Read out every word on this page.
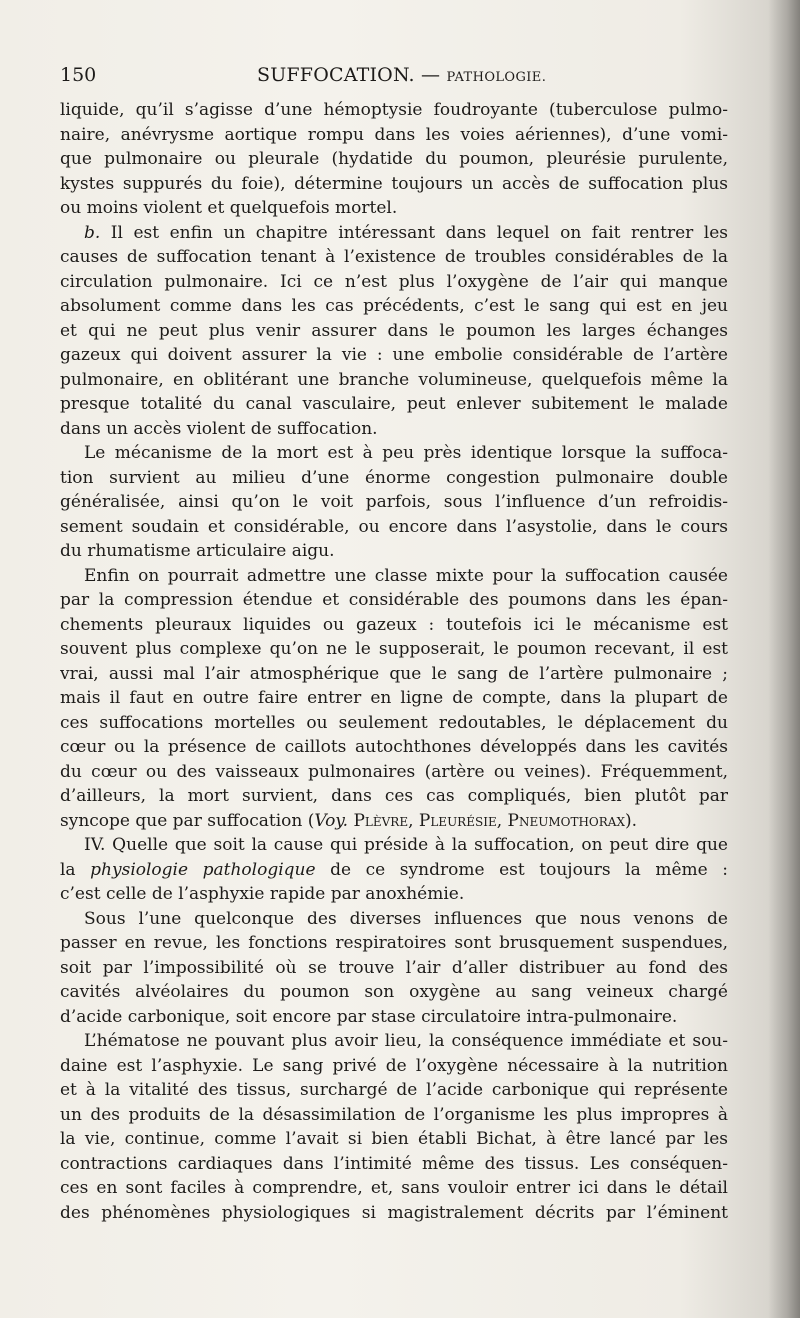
150	SUFFOCATION. — PATHOLOGIE.
liquide, qu’il s’agisse d’une hémoptysie foudroyante (tuberculose pulmo-
naire, anévrysme aortique rompu dans les voies aériennes), d’une vomi-
que pulmonaire ou pleurale (hydatide du poumon, pleurésie purulente,
kystes suppurés du foie), détermine toujours un accès de suffocation plus
ou moins violent et quelquefois mortel.
b. Il est enfin un chapitre intéressant dans lequel on fait rentrer les
causes de suffocation tenant à l’existence de troubles considérables de la
circulation pulmonaire. Ici ce n’est plus l’oxygène de l’air qui manque
absolument comme dans les cas précédents, c’est le sang qui est en jeu
et qui ne peut plus venir assurer dans le poumon les larges échanges
gazeux qui doivent assurer la vie : une embolie considérable de l’artère
pulmonaire, en oblitérant une branche volumineuse, quelquefois même la
presque totalité du canal vasculaire, peut enlever subitement le malade
dans un accès violent de suffocation.
Le mécanisme de la mort est à peu près identique lorsque la suffoca-
tion survient au milieu d’une énorme congestion pulmonaire double
généralisée, ainsi qu’on le voit parfois, sous l’influence d’un refroidis-
sement soudain et considérable, ou encore dans l’asystolie, dans le cours
du rhumatisme articulaire aigu.
Enfin on pourrait admettre une classe mixte pour la suffocation causée
par la compression étendue et considérable des poumons dans les épan-
chements pleuraux liquides ou gazeux : toutefois ici le mécanisme est
souvent plus complexe qu’on ne le supposerait, le poumon recevant, il est
vrai, aussi mal l’air atmosphérique que le sang de l’artère pulmonaire ;
mais il faut en outre faire entrer en ligne de compte, dans la plupart de
ces suffocations mortelles ou seulement redoutables, le déplacement du
cœur ou la présence de caillots autochthones développés dans les cavités
du cœur ou des vaisseaux pulmonaires (artère ou veines). Fréquemment,
d’ailleurs, la mort survient, dans ces cas compliqués, bien plutôt par
syncope que par suffocation (Voy. Plèvre, Pleurésie, Pneumothorax).
IV. Quelle que soit la cause qui préside à la suffocation, on peut dire que
la physiologie pathologique de ce syndrome est toujours la même :
c’est celle de l’asphyxie rapide par anoxhémie.
Sous l’une quelconque des diverses influences que nous venons de
passer en revue, les fonctions respiratoires sont brusquement suspendues,
soit par l’impossibilité où se trouve l’air d’aller distribuer au fond des
cavités alvéolaires du poumon son oxygène au sang veineux chargé
d’acide carbonique, soit encore par stase circulatoire intra-pulmonaire.
L’hématose ne pouvant plus avoir lieu, la conséquence immédiate et sou-
daine est l’asphyxie. Le sang privé de l’oxygène nécessaire à la nutrition
et à la vitalité des tissus, surchargé de l’acide carbonique qui représente
un des produits de la désassimilation de l’organisme les plus impropres à
la vie, continue, comme l’avait si bien établi Bichat, à être lancé par les
contractions cardiaques dans l’intimité même des tissus. Les conséquen-
ces en sont faciles à comprendre, et, sans vouloir entrer ici dans le détail
des phénomènes physiologiques si magistralement décrits par l’éminent
